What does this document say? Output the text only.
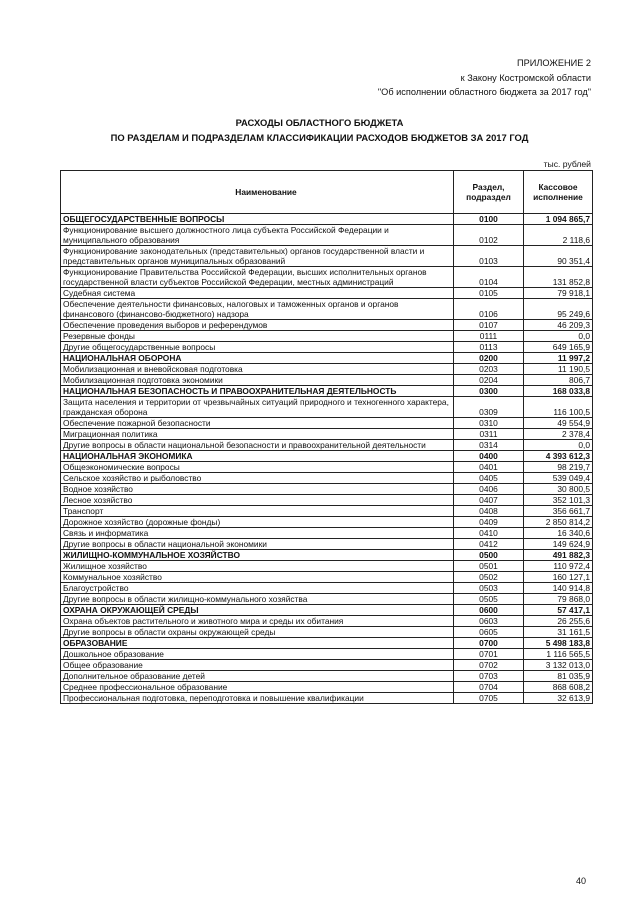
ПРИЛОЖЕНИЕ 2
к Закону Костромской области
"Об исполнении областного бюджета за 2017 год"
РАСХОДЫ ОБЛАСТНОГО БЮДЖЕТА
ПО РАЗДЕЛАМ И ПОДРАЗДЕЛАМ КЛАССИФИКАЦИИ РАСХОДОВ БЮДЖЕТОВ ЗА 2017 ГОД
тыс. рублей
Наименование	Раздел, подраздел	Кассовое исполнение
ОБЩЕГОСУДАРСТВЕННЫЕ ВОПРОСЫ	0100	1 094 865,7
Функционирование высшего должностного лица субъекта Российской Федерации и муниципального образования	0102	2 118,6
Функционирование законодательных (представительных) органов государственной власти и представительных органов муниципальных образований	0103	90 351,4
Функционирование Правительства Российской Федерации, высших исполнительных органов государственной власти субъектов Российской Федерации, местных администраций	0104	131 852,8
Судебная система	0105	79 918,1
Обеспечение деятельности финансовых, налоговых и таможенных органов и органов финансового (финансово-бюджетного) надзора	0106	95 249,6
Обеспечение проведения выборов и референдумов	0107	46 209,3
Резервные фонды	0111	0,0
Другие общегосударственные вопросы	0113	649 165,9
НАЦИОНАЛЬНАЯ ОБОРОНА	0200	11 997,2
Мобилизационная и вневойсковая подготовка	0203	11 190,5
Мобилизационная подготовка экономики	0204	806,7
НАЦИОНАЛЬНАЯ БЕЗОПАСНОСТЬ И ПРАВООХРАНИТЕЛЬНАЯ ДЕЯТЕЛЬНОСТЬ	0300	168 033,8
Защита населения и территории от чрезвычайных ситуаций природного и техногенного характера, гражданская оборона	0309	116 100,5
Обеспечение пожарной безопасности	0310	49 554,9
Миграционная политика	0311	2 378,4
Другие вопросы в области национальной безопасности и правоохранительной деятельности	0314	0,0
НАЦИОНАЛЬНАЯ ЭКОНОМИКА	0400	4 393 612,3
Общеэкономические вопросы	0401	98 219,7
Сельское хозяйство и рыболовство	0405	539 049,4
Водное хозяйство	0406	30 800,5
Лесное хозяйство	0407	352 101,3
Транспорт	0408	356 661,7
Дорожное хозяйство (дорожные фонды)	0409	2 850 814,2
Связь и информатика	0410	16 340,6
Другие вопросы в области национальной экономики	0412	149 624,9
ЖИЛИЩНО-КОММУНАЛЬНОЕ ХОЗЯЙСТВО	0500	491 882,3
Жилищное хозяйство	0501	110 972,4
Коммунальное хозяйство	0502	160 127,1
Благоустройство	0503	140 914,8
Другие вопросы в области жилищно-коммунального хозяйства	0505	79 868,0
ОХРАНА ОКРУЖАЮЩЕЙ СРЕДЫ	0600	57 417,1
Охрана объектов растительного и животного мира и среды их обитания	0603	26 255,6
Другие вопросы в области охраны окружающей среды	0605	31 161,5
ОБРАЗОВАНИЕ	0700	5 498 183,8
Дошкольное образование	0701	1 116 565,5
Общее образование	0702	3 132 013,0
Дополнительное образование детей	0703	81 035,9
Среднее профессиональное образование	0704	868 608,2
Профессиональная подготовка, переподготовка и повышение квалификации	0705	32 613,9
40
